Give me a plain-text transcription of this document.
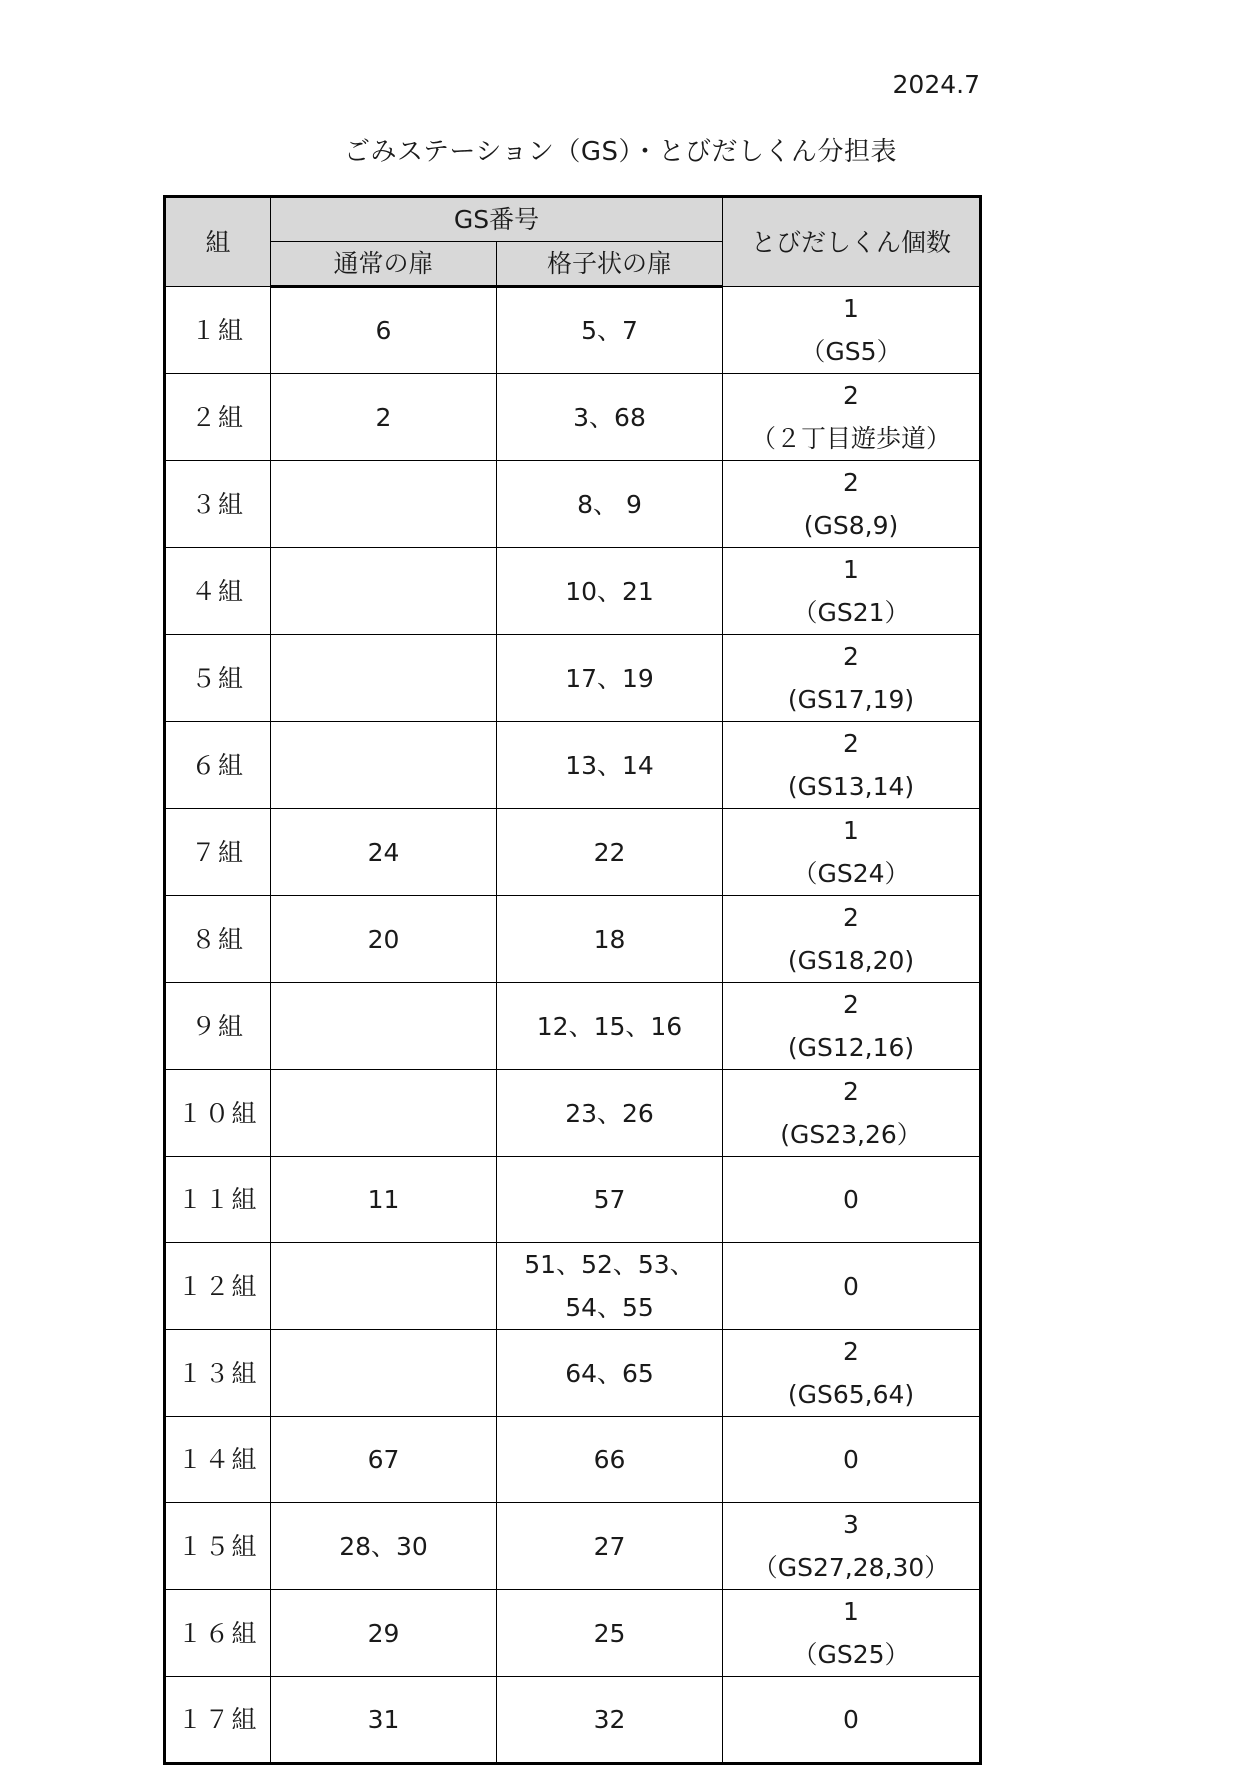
2024.7
ごみステーション（GS）・とびだしくん分担表
組	GS番号		とびだしくん個数
	通常の扉	格子状の扉	
１組	6	5、7	1
（GS5）

２組	2	3、68	2
（２丁目遊歩道）

３組		8、 9	2
(GS8,9)

４組		10、21	1
（GS21）

５組		17、19	2
(GS17,19)

６組		13、14	2
(GS13,14)

７組	24	22	1
（GS24）

８組	20	18	2
(GS18,20)

９組		12、15、16	2
(GS12,16)

１０組		23、26	2
(GS23,26）

１１組	11	57	0
１２組		51、52、53、
54、55	0
１３組		64、65	2
(GS65,64)

１４組	67	66	0
１５組	28、30	27	3
（GS27,28,30）

１６組	29	25	1
（GS25）

１７組	31	32	0
